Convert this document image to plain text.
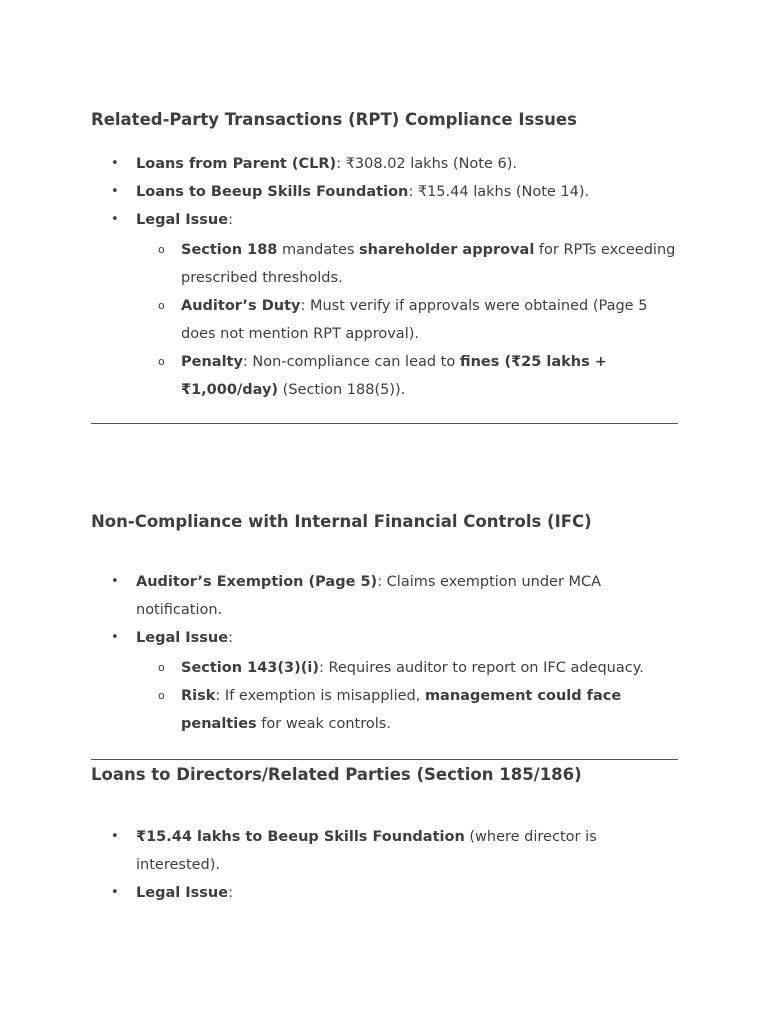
Related-Party Transactions (RPT) Compliance Issues
• Loans from Parent (CLR): ₹308.02 lakhs (Note 6).
• Loans to Beeup Skills Foundation: ₹15.44 lakhs (Note 14).
• Legal Issue:
o Section 188 mandates shareholder approval for RPTs exceeding prescribed thresholds.
o Auditor’s Duty: Must verify if approvals were obtained (Page 5 does not mention RPT approval).
o Penalty: Non-compliance can lead to fines (₹25 lakhs + ₹1,000/day) (Section 188(5)).
Non-Compliance with Internal Financial Controls (IFC)
• Auditor’s Exemption (Page 5): Claims exemption under MCA notification.
• Legal Issue:
o Section 143(3)(i): Requires auditor to report on IFC adequacy.
o Risk: If exemption is misapplied, management could face penalties for weak controls.
Loans to Directors/Related Parties (Section 185/186)
• ₹15.44 lakhs to Beeup Skills Foundation (where director is interested).
• Legal Issue:
